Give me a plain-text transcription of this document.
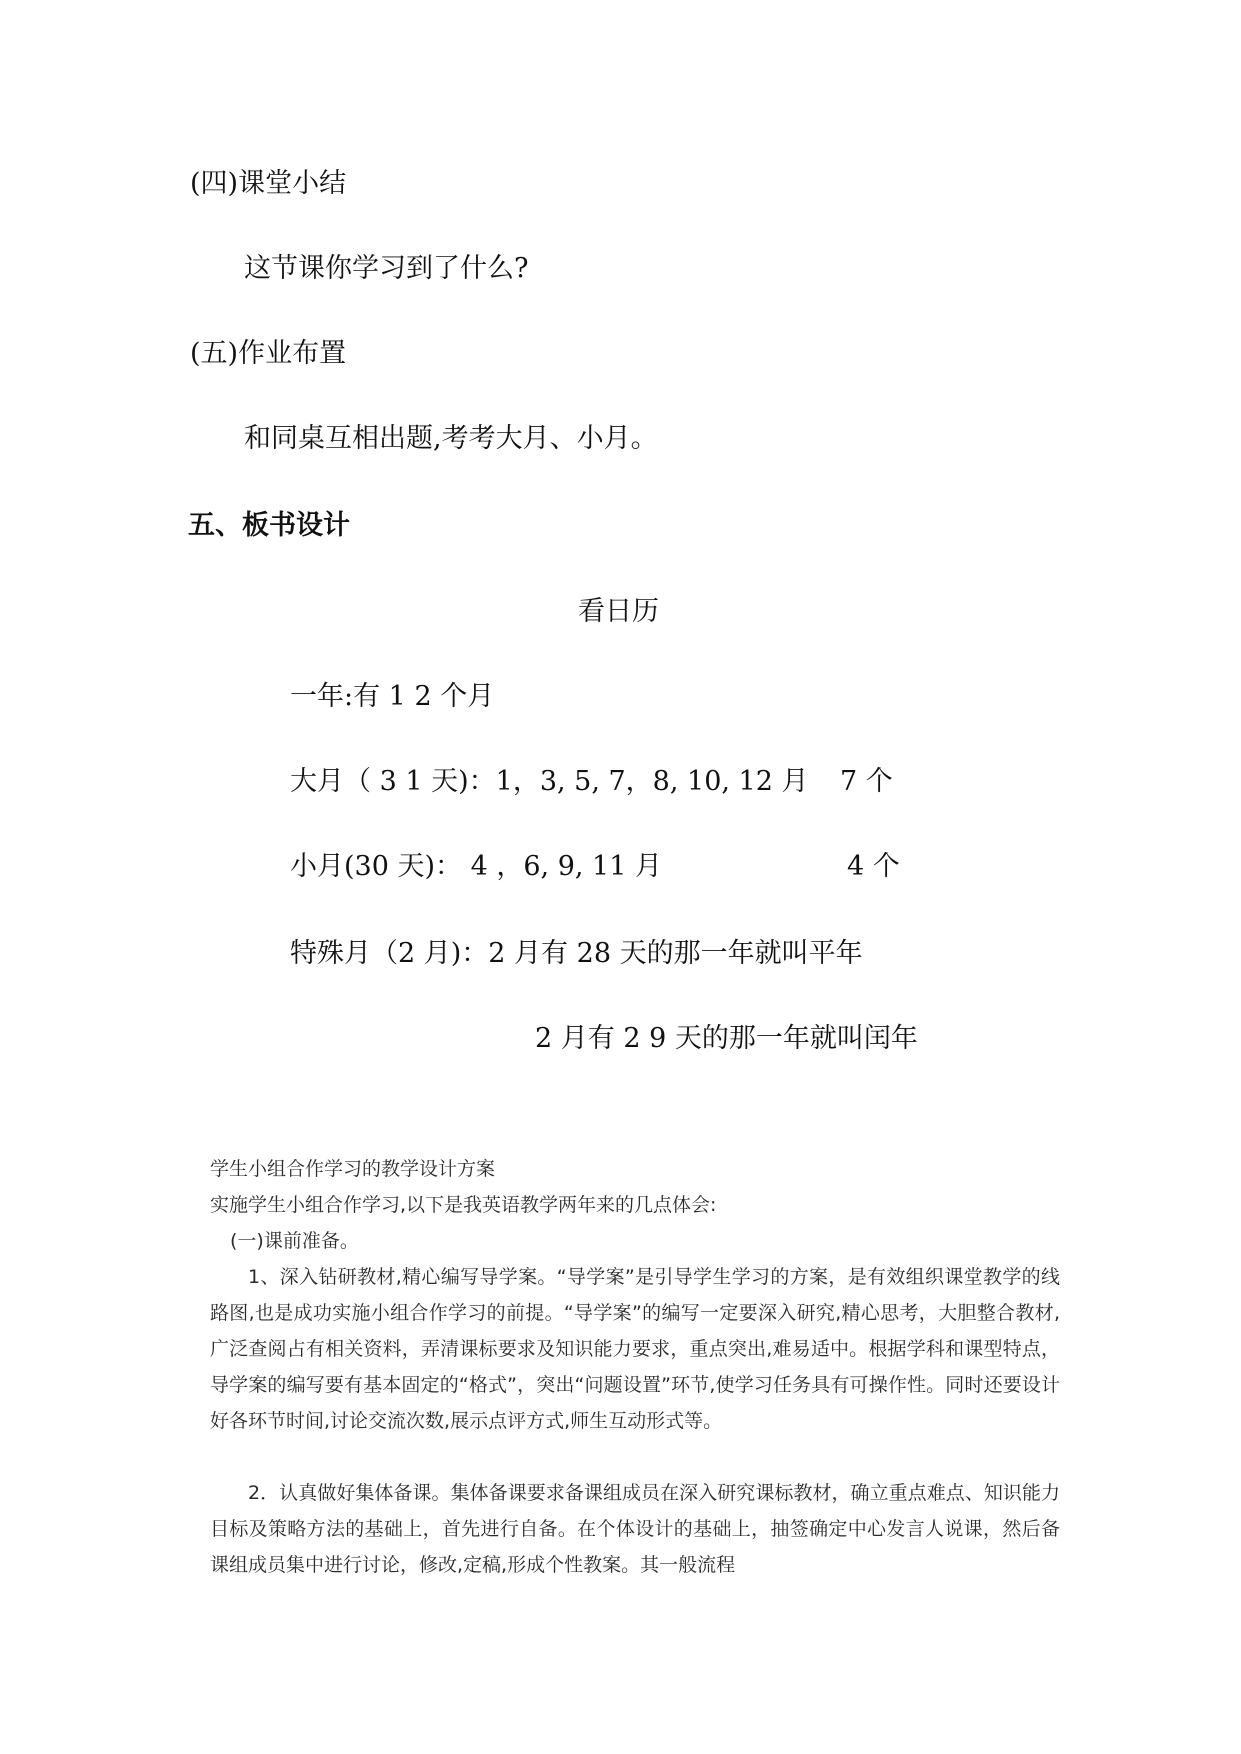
(四)课堂小结
这节课你学习到了什么?
(五)作业布置
和同桌互相出题,考考大月、小月。
五、板书设计
看日历
一年:有 1 2 个月
大月（ 3 1 天)：1，3, 5, 7，8, 10, 12 月 7 个
小月(30 天)： 4 ，6, 9, 11 月	4 个
特殊月（2 月)：2 月有 28 天的那一年就叫平年
2 月有 2 9 天的那一年就叫闰年
学生小组合作学习的教学设计方案
实施学生小组合作学习,以下是我英语教学两年来的几点体会:
(一)课前准备。

1、深入钻研教材,精心编写导学案。“导学案”是引导学生学习的方案，是有效组织课堂教学的线路图,也是成功实施小组合作学习的前提。“导学案”的编写一定要深入研究,精心思考，大胆整合教材,广泛查阅占有相关资料，弄清课标要求及知识能力要求，重点突出,难易适中。根据学科和课型特点，导学案的编写要有基本固定的“格式”，突出“问题设置”环节,使学习任务具有可操作性。同时还要设计好各环节时间,讨论交流次数,展示点评方式,师生互动形式等。

2．认真做好集体备课。集体备课要求备课组成员在深入研究课标教材，确立重点难点、知识能力目标及策略方法的基础上，首先进行自备。在个体设计的基础上，抽签确定中心发言人说课，然后备课组成员集中进行讨论，修改,定稿,形成个性教案。其一般流程
